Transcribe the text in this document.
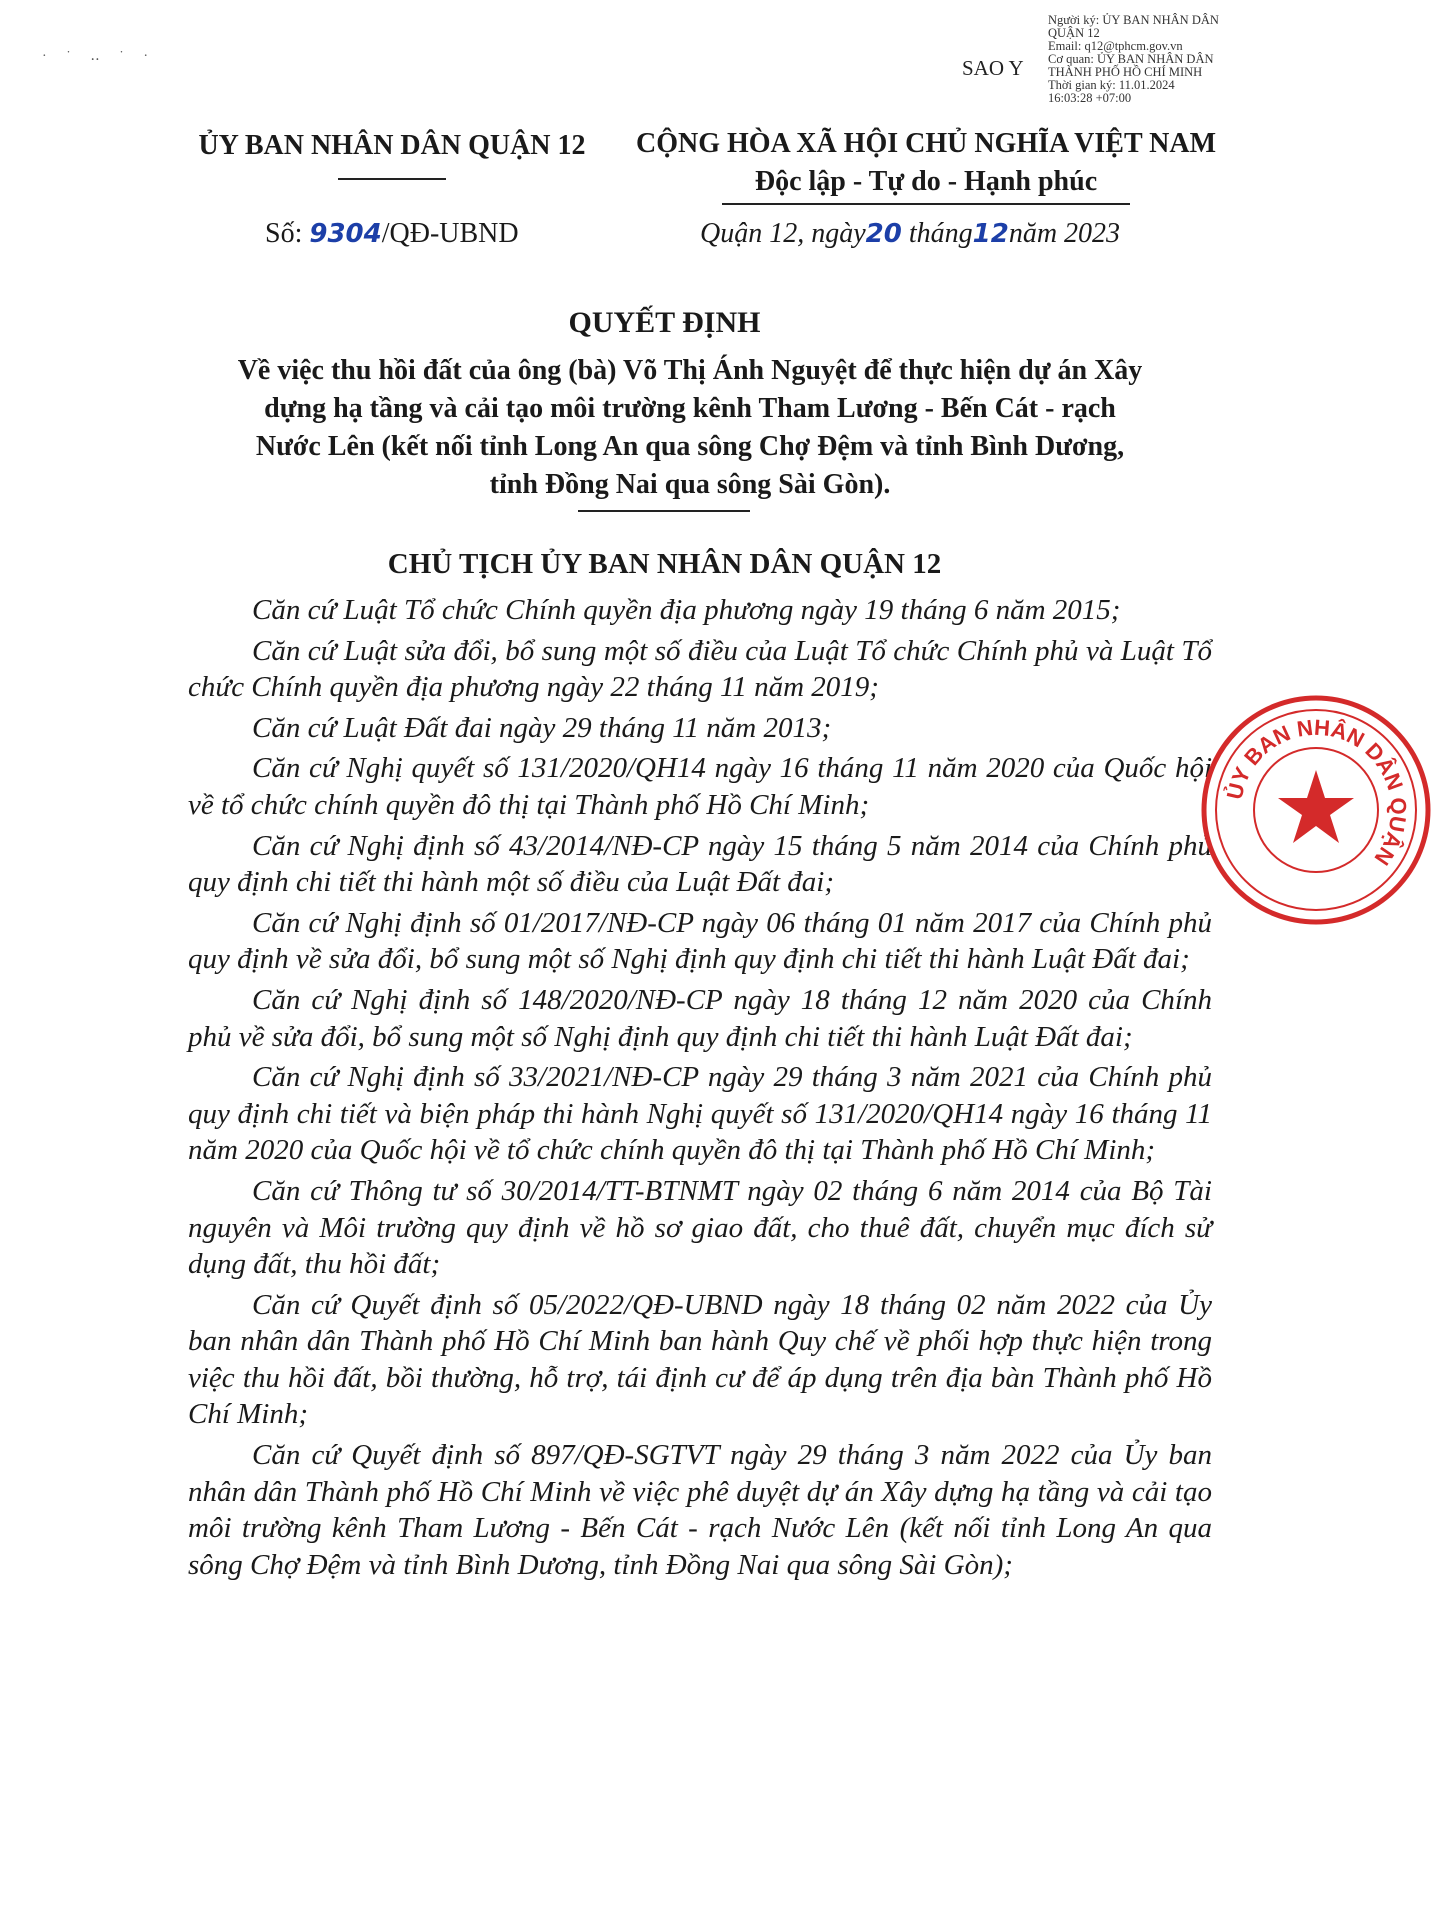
· ˙ ‥ ˙ ·
Người ký: ỦY BAN NHÂN DÂN
QUẬN 12
Email: q12@tphcm.gov.vn
Cơ quan: ỦY BAN NHÂN DÂN
THÀNH PHỐ HỒ CHÍ MINH
Thời gian ký: 11.01.2024
16:03:28 +07:00
SAO Y
ỦY BAN NHÂN DÂN QUẬN 12	CỘNG HÒA XÃ HỘI CHỦ NGHĨA VIỆT NAM
Độc lập - Tự do - Hạnh phúc
Số: 9304/QĐ-UBND	Quận 12, ngày20 tháng12năm 2023
QUYẾT ĐỊNH
Về việc thu hồi đất của ông (bà) Võ Thị Ánh Nguyệt để thực hiện dự án Xây
dựng hạ tầng và cải tạo môi trường kênh Tham Lương - Bến Cát - rạch
Nước Lên (kết nối tỉnh Long An qua sông Chợ Đệm và tỉnh Bình Dương,
tỉnh Đồng Nai qua sông Sài Gòn).
CHỦ TỊCH ỦY BAN NHÂN DÂN QUẬN 12

Căn cứ Luật Tổ chức Chính quyền địa phương ngày 19 tháng 6 năm 2015;

Căn cứ Luật sửa đổi, bổ sung một số điều của Luật Tổ chức Chính phủ và Luật Tổ chức Chính quyền địa phương ngày 22 tháng 11 năm 2019;

Căn cứ Luật Đất đai ngày 29 tháng 11 năm 2013;

Căn cứ Nghị quyết số 131/2020/QH14 ngày 16 tháng 11 năm 2020 của Quốc hội về tổ chức chính quyền đô thị tại Thành phố Hồ Chí Minh;

Căn cứ Nghị định số 43/2014/NĐ-CP ngày 15 tháng 5 năm 2014 của Chính phủ quy định chi tiết thi hành một số điều của Luật Đất đai;

Căn cứ Nghị định số 01/2017/NĐ-CP ngày 06 tháng 01 năm 2017 của Chính phủ quy định về sửa đổi, bổ sung một số Nghị định quy định chi tiết thi hành Luật Đất đai;

Căn cứ Nghị định số 148/2020/NĐ-CP ngày 18 tháng 12 năm 2020 của Chính phủ về sửa đổi, bổ sung một số Nghị định quy định chi tiết thi hành Luật Đất đai;

Căn cứ Nghị định số 33/2021/NĐ-CP ngày 29 tháng 3 năm 2021 của Chính phủ quy định chi tiết và biện pháp thi hành Nghị quyết số 131/2020/QH14 ngày 16 tháng 11 năm 2020 của Quốc hội về tổ chức chính quyền đô thị tại Thành phố Hồ Chí Minh;

Căn cứ Thông tư số 30/2014/TT-BTNMT ngày 02 tháng 6 năm 2014 của Bộ Tài nguyên và Môi trường quy định về hồ sơ giao đất, cho thuê đất, chuyển mục đích sử dụng đất, thu hồi đất;

Căn cứ Quyết định số 05/2022/QĐ-UBND ngày 18 tháng 02 năm 2022 của Ủy ban nhân dân Thành phố Hồ Chí Minh ban hành Quy chế về phối hợp thực hiện trong việc thu hồi đất, bồi thường, hỗ trợ, tái định cư để áp dụng trên địa bàn Thành phố Hồ Chí Minh;

Căn cứ Quyết định số 897/QĐ-SGTVT ngày 29 tháng 3 năm 2022 của Ủy ban nhân dân Thành phố Hồ Chí Minh về việc phê duyệt dự án Xây dựng hạ tầng và cải tạo môi trường kênh Tham Lương - Bến Cát - rạch Nước Lên (kết nối tỉnh Long An qua sông Chợ Đệm và tỉnh Bình Dương, tỉnh Đồng Nai qua sông Sài Gòn);

ỦY BAN NHÂN DÂN QUẬN
